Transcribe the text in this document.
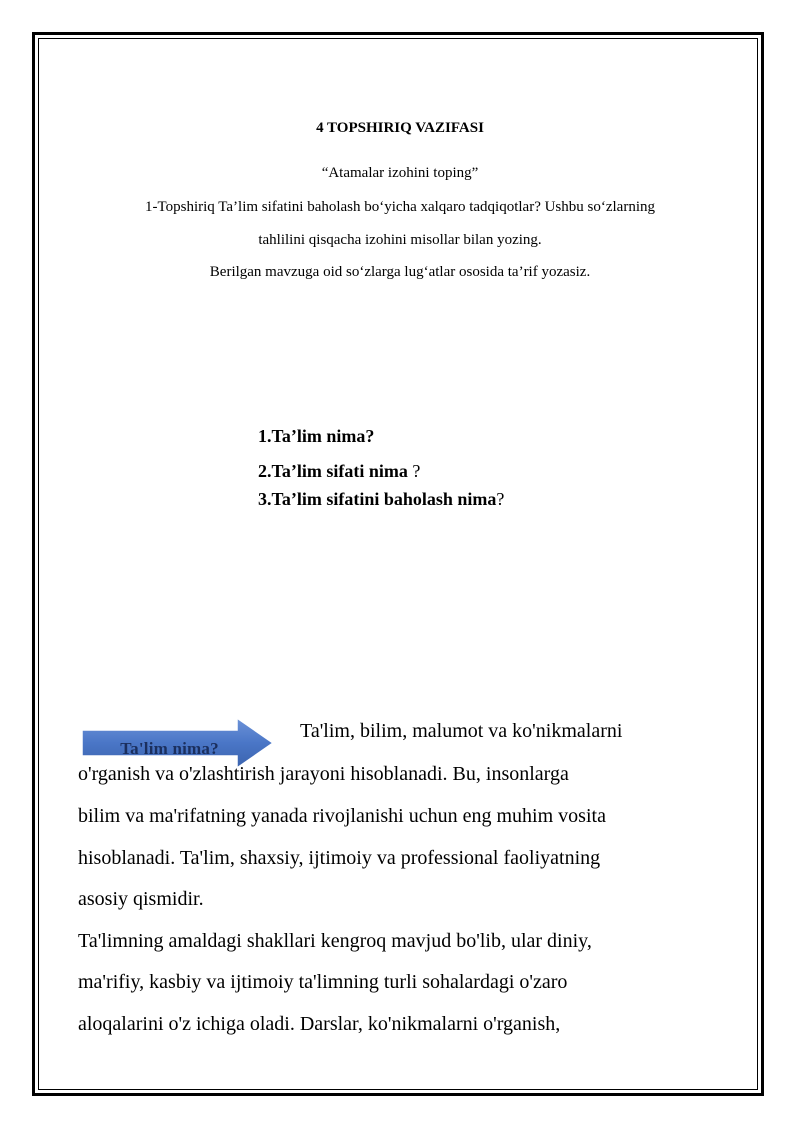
4 TOPSHIRIQ VAZIFASI
“Atamalar izohini toping”
1-Topshiriq Ta’lim sifatini baholash bo‘yicha xalqaro tadqiqotlar? Ushbu so‘zlarning
tahlilini qisqacha izohini misollar bilan yozing.
Berilgan mavzuga oid so‘zlarga lug‘atlar ososida ta’rif yozasiz.
1.Ta’lim nima?
2.Ta’lim sifati nima ?
3.Ta’lim sifatini baholash nima?
Ta'lim nima?
Ta'lim, bilim, malumot va ko'nikmalarni
o'rganish va o'zlashtirish jarayoni hisoblanadi. Bu, insonlarga
bilim va ma'rifatning yanada rivojlanishi uchun eng muhim vosita
hisoblanadi. Ta'lim, shaxsiy, ijtimoiy va professional faoliyatning
asosiy qismidir.
Ta'limning amaldagi shakllari kengroq mavjud bo'lib, ular diniy,
ma'rifiy, kasbiy va ijtimoiy ta'limning turli sohalardagi o'zaro
aloqalarini o'z ichiga oladi. Darslar, ko'nikmalarni o'rganish,
